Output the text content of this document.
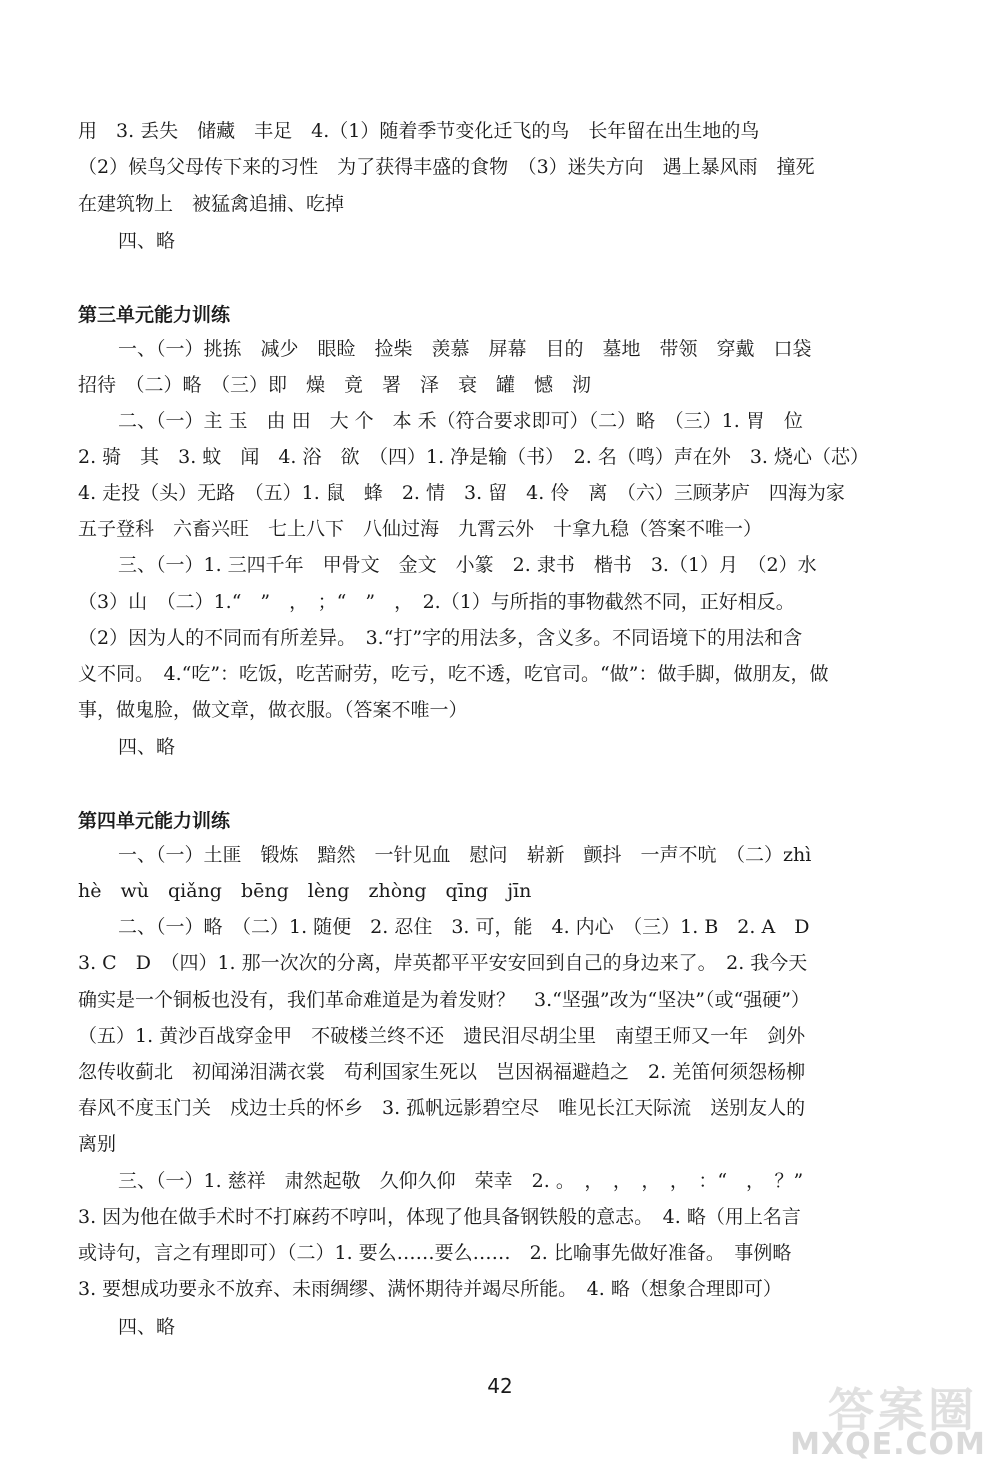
用　3. 丢失　储藏　丰足　4.（1）随着季节变化迁飞的鸟　长年留在出生地的鸟
（2）候鸟父母传下来的习性　为了获得丰盛的食物　（3）迷失方向　遇上暴风雨　撞死
在建筑物上　被猛禽追捕、吃掉
四、略
第三单元能力训练
一、（一）挑拣　减少　眼睑　捡柴　羡慕　屏幕　目的　墓地　带领　穿戴　口袋
招待　（二）略　（三）即　燥　竟　署　泽　衰　罐　憾　沏
二、（一）主 玉　由 田　大 个　本 禾（符合要求即可）（二）略　（三）1. 胃　位
2. 骑　其　3. 蚊　闻　4. 浴　欲　（四）1. 净是输（书）　2. 名（鸣）声在外　3. 烧心（芯）
4. 走投（头）无路　（五）1. 鼠　蜂　2. 情　3. 留　4. 伶　离　（六）三顾茅庐　四海为家
五子登科　六畜兴旺　七上八下　八仙过海　九霄云外　十拿九稳（答案不唯一）
三、（一）1. 三四千年　甲骨文　金文　小篆　2. 隶书　楷书　3.（1）月　（2）水
（3）山　（二）1.“　”　，　；“　”　，　2.（1）与所指的事物截然不同，正好相反。
（2）因为人的不同而有所差异。　3.“打”字的用法多，含义多。不同语境下的用法和含
义不同。　4.“吃”：吃饭，吃苦耐劳，吃亏，吃不透，吃官司。“做”：做手脚，做朋友，做
事，做鬼脸，做文章，做衣服。（答案不唯一）
四、略
第四单元能力训练
一、（一）土匪　锻炼　黯然　一针见血　慰问　崭新　颤抖　一声不吭　（二）zhì
hè　wù　qiǎng　bēng　lèng　zhòng　qīng　jīn
二、（一）略　（二）1. 随便　2. 忍住　3. 可，能　4. 内心　（三）1. B　2. A　D
3. C　D　（四）1. 那一次次的分离，岸英都平平安安回到自己的身边来了。　2. 我今天
确实是一个铜板也没有，我们革命难道是为着发财？　3.“坚强”改为“坚决”（或“强硬”）
（五）1. 黄沙百战穿金甲　不破楼兰终不还　遗民泪尽胡尘里　南望王师又一年　剑外
忽传收蓟北　初闻涕泪满衣裳　苟利国家生死以　岂因祸福避趋之　2. 羌笛何须怨杨柳
春风不度玉门关　戍边士兵的怀乡　3. 孤帆远影碧空尽　唯见长江天际流　送别友人的
离别
三、（一）1. 慈祥　肃然起敬　久仰久仰　荣幸　2. 。　，　，　，　，　：“　，　？”
3. 因为他在做手术时不打麻药不哼叫，体现了他具备钢铁般的意志。　4. 略（用上名言
或诗句，言之有理即可）（二）1. 要么……要么……　2. 比喻事先做好准备。　事例略
3. 要想成功要永不放弃、未雨绸缪、满怀期待并竭尽所能。　4. 略（想象合理即可）
四、略
42	答案圈
MXQE.COM
